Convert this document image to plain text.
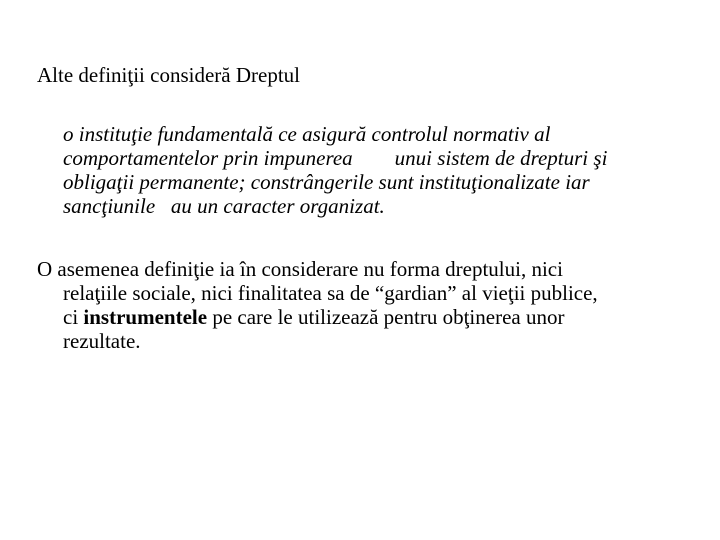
Alte definiţii consideră Dreptul
o instituţie fundamentală ce asigură controlul normativ al
comportamentelor prin impunerea        unui sistem de drepturi şi
obligaţii permanente; constrângerile sunt instituţionalizate iar
sancţiunile   au un caracter organizat.
O asemenea definiţie ia în considerare nu forma dreptului, nici
relaţiile sociale, nici finalitatea sa de “gardian” al vieţii publice,
ci instrumentele pe care le utilizează pentru obţinerea unor
rezultate.
